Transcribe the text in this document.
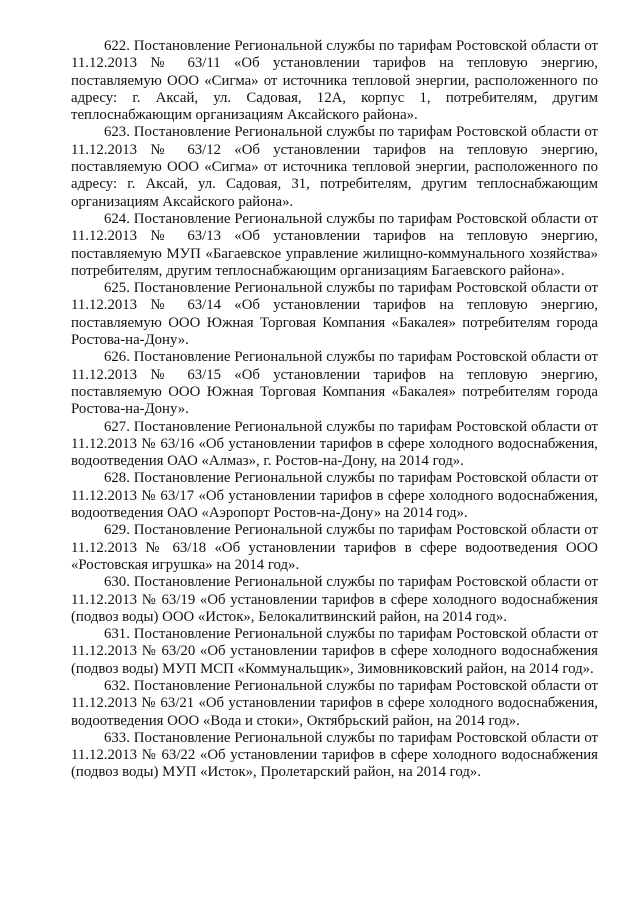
622. Постановление Региональной службы по тарифам Ростовской области от 11.12.2013 № 63/11 «Об установлении тарифов на тепловую энергию, поставляемую ООО «Сигма» от источника тепловой энергии, расположенного по адресу: г. Аксай, ул. Садовая, 12А, корпус 1, потребителям, другим теплоснабжающим организациям Аксайского района».

623. Постановление Региональной службы по тарифам Ростовской области от 11.12.2013 № 63/12 «Об установлении тарифов на тепловую энергию, поставляемую ООО «Сигма» от источника тепловой энергии, расположенного по адресу: г. Аксай, ул. Садовая, 31, потребителям, другим теплоснабжающим организациям Аксайского района».

624. Постановление Региональной службы по тарифам Ростовской области от 11.12.2013 № 63/13 «Об установлении тарифов на тепловую энергию, поставляемую МУП «Багаевское управление жилищно-коммунального хозяйства» потребителям, другим теплоснабжающим организациям Багаевского района».

625. Постановление Региональной службы по тарифам Ростовской области от 11.12.2013 № 63/14 «Об установлении тарифов на тепловую энергию, поставляемую ООО Южная Торговая Компания «Бакалея» потребителям города Ростова-на-Дону».

626. Постановление Региональной службы по тарифам Ростовской области от 11.12.2013 № 63/15 «Об установлении тарифов на тепловую энергию, поставляемую ООО Южная Торговая Компания «Бакалея» потребителям города Ростова-на-Дону».

627. Постановление Региональной службы по тарифам Ростовской области от 11.12.2013 № 63/16 «Об установлении тарифов в сфере холодного водоснабжения, водоотведения ОАО «Алмаз», г. Ростов-на-Дону, на 2014 год».

628. Постановление Региональной службы по тарифам Ростовской области от 11.12.2013 № 63/17 «Об установлении тарифов в сфере холодного водоснабжения, водоотведения ОАО «Аэропорт Ростов-на-Дону» на 2014 год».

629. Постановление Региональной службы по тарифам Ростовской области от 11.12.2013 № 63/18 «Об установлении тарифов в сфере водоотведения ООО «Ростовская игрушка» на 2014 год».

630. Постановление Региональной службы по тарифам Ростовской области от 11.12.2013 № 63/19 «Об установлении тарифов в сфере холодного водоснабжения (подвоз воды) ООО «Исток», Белокалитвинский район, на 2014 год».

631. Постановление Региональной службы по тарифам Ростовской области от 11.12.2013 № 63/20 «Об установлении тарифов в сфере холодного водоснабжения (подвоз воды) МУП МСП «Коммунальщик», Зимовниковский район, на 2014 год».

632. Постановление Региональной службы по тарифам Ростовской области от 11.12.2013 № 63/21 «Об установлении тарифов в сфере холодного водоснабжения, водоотведения ООО «Вода и стоки», Октябрьский район, на 2014 год».

633. Постановление Региональной службы по тарифам Ростовской области от 11.12.2013 № 63/22 «Об установлении тарифов в сфере холодного водоснабжения (подвоз воды) МУП «Исток», Пролетарский район, на 2014 год».
